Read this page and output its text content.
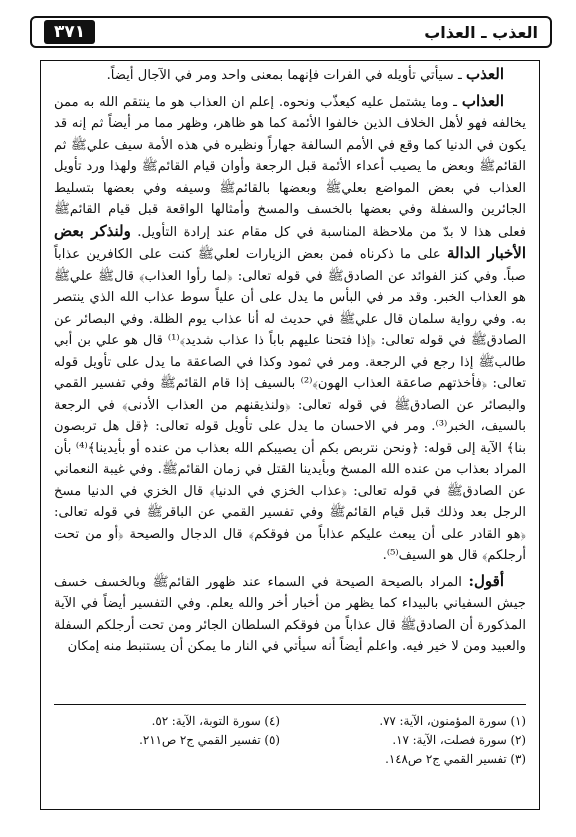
٣٧١	العذب ـ العذاب

العذب ـ سيأتي تأويله في الفرات فإنهما بمعنى واحد ومر في الآجال أيضاً.

العذاب ـ وما يشتمل عليه كيعذّب ونحوه. إعلم ان العذاب هو ما ينتقم الله به ممن يخالفه فهو لأهل الخلاف الذين خالفوا الأئمة كما هو ظاهر، وظهر مما مر أيضاً ثم إنه قد يكون في الدنيا كما وقع في الأمم السالفة جهاراً ونظيره في هذه الأمة سيف عليﷺ ثم القائمﷺ وبعض ما يصيب أعداء الأئمة قبل الرجعة وأوان قيام القائمﷺ ولهذا ورد تأويل العذاب في بعض المواضع بعليﷺ وبعضها بالقائمﷺ وسيفه وفي بعضها بتسليط الجائرين والسفلة وفي بعضها بالخسف والمسخ وأمثالها الواقعة قبل قيام القائمﷺ فعلى هذا لا بدّ من ملاحظة المناسبة في كل مقام عند إرادة التأويل. ولنذكر بعض الأخبار الدالة على ما ذكرناه فمن بعض الزيارات لعليﷺ كنت على الكافرين عذاباً صباً. وفي كنز الفوائد عن الصادقﷺ في قوله تعالى: ﴿لما رأوا العذاب﴾ قالﷺ عليﷺ هو العذاب الخبر. وقد مر في البأس ما يدل على أن علياً سوط عذاب الله الذي ينتصر به. وفي رواية سلمان قال عليﷺ في حديث له أنا عذاب يوم الظلة. وفي البصائر عن الصادقﷺ في قوله تعالى: ﴿إذا فتحنا عليهم باباً ذا عذاب شديد﴾⁽¹⁾ قال هو علي بن أبي طالبﷺ إذا رجع في الرجعة. ومر في ثمود وكذا في الصاعقة ما يدل على تأويل قوله تعالى: ﴿فأخذتهم صاعقة العذاب الهون﴾⁽²⁾ بالسيف إذا قام القائمﷺ وفي تفسير القمي والبصائر عن الصادقﷺ في قوله تعالى: ﴿ولنذيقنهم من العذاب الأدنى﴾ في الرجعة بالسيف، الخبر⁽³⁾. ومر في الاحسان ما يدل على تأويل قوله تعالى: ﴿قل هل تربصون بنا﴾ الآية إلى قوله: ﴿ونحن نتربص بكم أن يصيبكم الله بعذاب من عنده أو بأيدينا﴾⁽⁴⁾ بأن المراد بعذاب من عنده الله المسخ وبأيدينا القتل في زمان القائمﷺ. وفي غيبة النعماني عن الصادقﷺ في قوله تعالى: ﴿عذاب الخزي في الدنيا﴾ قال الخزي في الدنيا مسخ الرجل بعد وذلك قبل قيام القائمﷺ وفي تفسير القمي عن الباقرﷺ في قوله تعالى: ﴿هو القادر على أن يبعث عليكم عذاباً من فوقكم﴾ قال الدجال والصيحة ﴿أو من تحت أرجلكم﴾ قال هو السيف⁽⁵⁾.

أقول: المراد بالصيحة الصيحة في السماء عند ظهور القائمﷺ وبالخسف خسف جيش السفياني بالبيداء كما يظهر من أخبار أخر والله يعلم. وفي التفسير أيضاً في الآية المذكورة أن الصادقﷺ قال عذاباً من فوقكم السلطان الجائر ومن تحت أرجلكم السفلة والعبيد ومن لا خير فيه. واعلم أيضاً أنه سيأتي في النار ما يمكن أن يستنبط منه إمكان

(١) سورة المؤمنون، الآية: ٧٧.
(٤) سورة التوبة، الآية: ٥٢.
(٢) سورة فصلت، الآية: ١٧.
(٥) تفسير القمي ج٢ ص٢١١.
(٣) تفسير القمي ج٢ ص١٤٨.
